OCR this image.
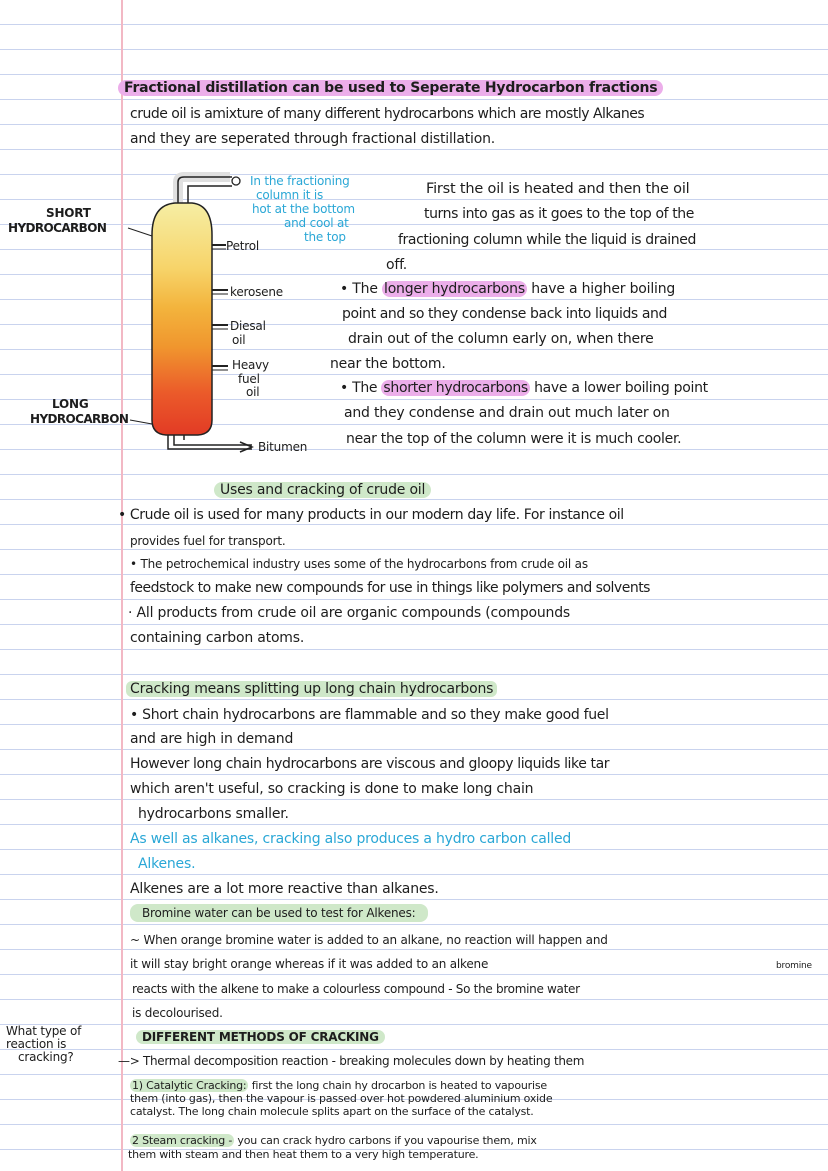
Fractional distillation can be used to Seperate Hydrocarbon fractions
crude oil is amixture of many different hydrocarbons which are mostly Alkanes
and they are seperated through fractional distillation.
SHORT
HYDROCARBON
LONG
HYDROCARBON
In the fractioning
column it is
hot at the bottom
and cool at
the top
Petrol
kerosene
Diesal
oil
Heavy
fuel
oil
Bitumen
First the oil is heated and then the oil
turns into gas as it goes to the top of the
fractioning column while the liquid is drained
off.
• The longer hydrocarbons have a higher boiling
point and so they condense back into liquids and
drain out of the column early on, when there
near the bottom.
• The shorter hydrocarbons have a lower boiling point
and they condense and drain out much later on
near the top of the column were it is much cooler.
Uses and cracking of crude oil
• Crude oil is used for many products in our modern day life. For instance oil
provides fuel for transport.
• The petrochemical industry uses some of the hydrocarbons from crude oil as
feedstock to make new compounds for use in things like polymers and solvents
· All products from crude oil are organic compounds (compounds
containing carbon atoms.
Cracking means splitting up long chain hydrocarbons
• Short chain hydrocarbons are flammable and so they make good fuel
and are high in demand
However long chain hydrocarbons are viscous and gloopy liquids like tar
which aren't useful, so cracking is done to make long chain
hydrocarbons smaller.
As well as alkanes, cracking also produces a hydro carbon called
Alkenes.
Alkenes are a lot more reactive than alkanes.
Bromine water can be used to test for Alkenes:
~ When orange bromine water is added to an alkane, no reaction will happen and
it will stay bright orange whereas if it was added to an alkene	bromine
reacts with the alkene to make a colourless compound - So the bromine water
is decolourised.
What type of
reaction is
cracking?
DIFFERENT METHODS OF CRACKING
—> Thermal decomposition reaction - breaking molecules down by heating them
1) Catalytic Cracking: first the long chain hy drocarbon is heated to vapourise
them (into gas), then the vapour is passed over hot powdered aluminium oxide
catalyst. The long chain molecule splits apart on the surface of the catalyst.
2 Steam cracking - you can crack hydro carbons if you vapourise them, mix
them with steam and then heat them to a very high temperature.
